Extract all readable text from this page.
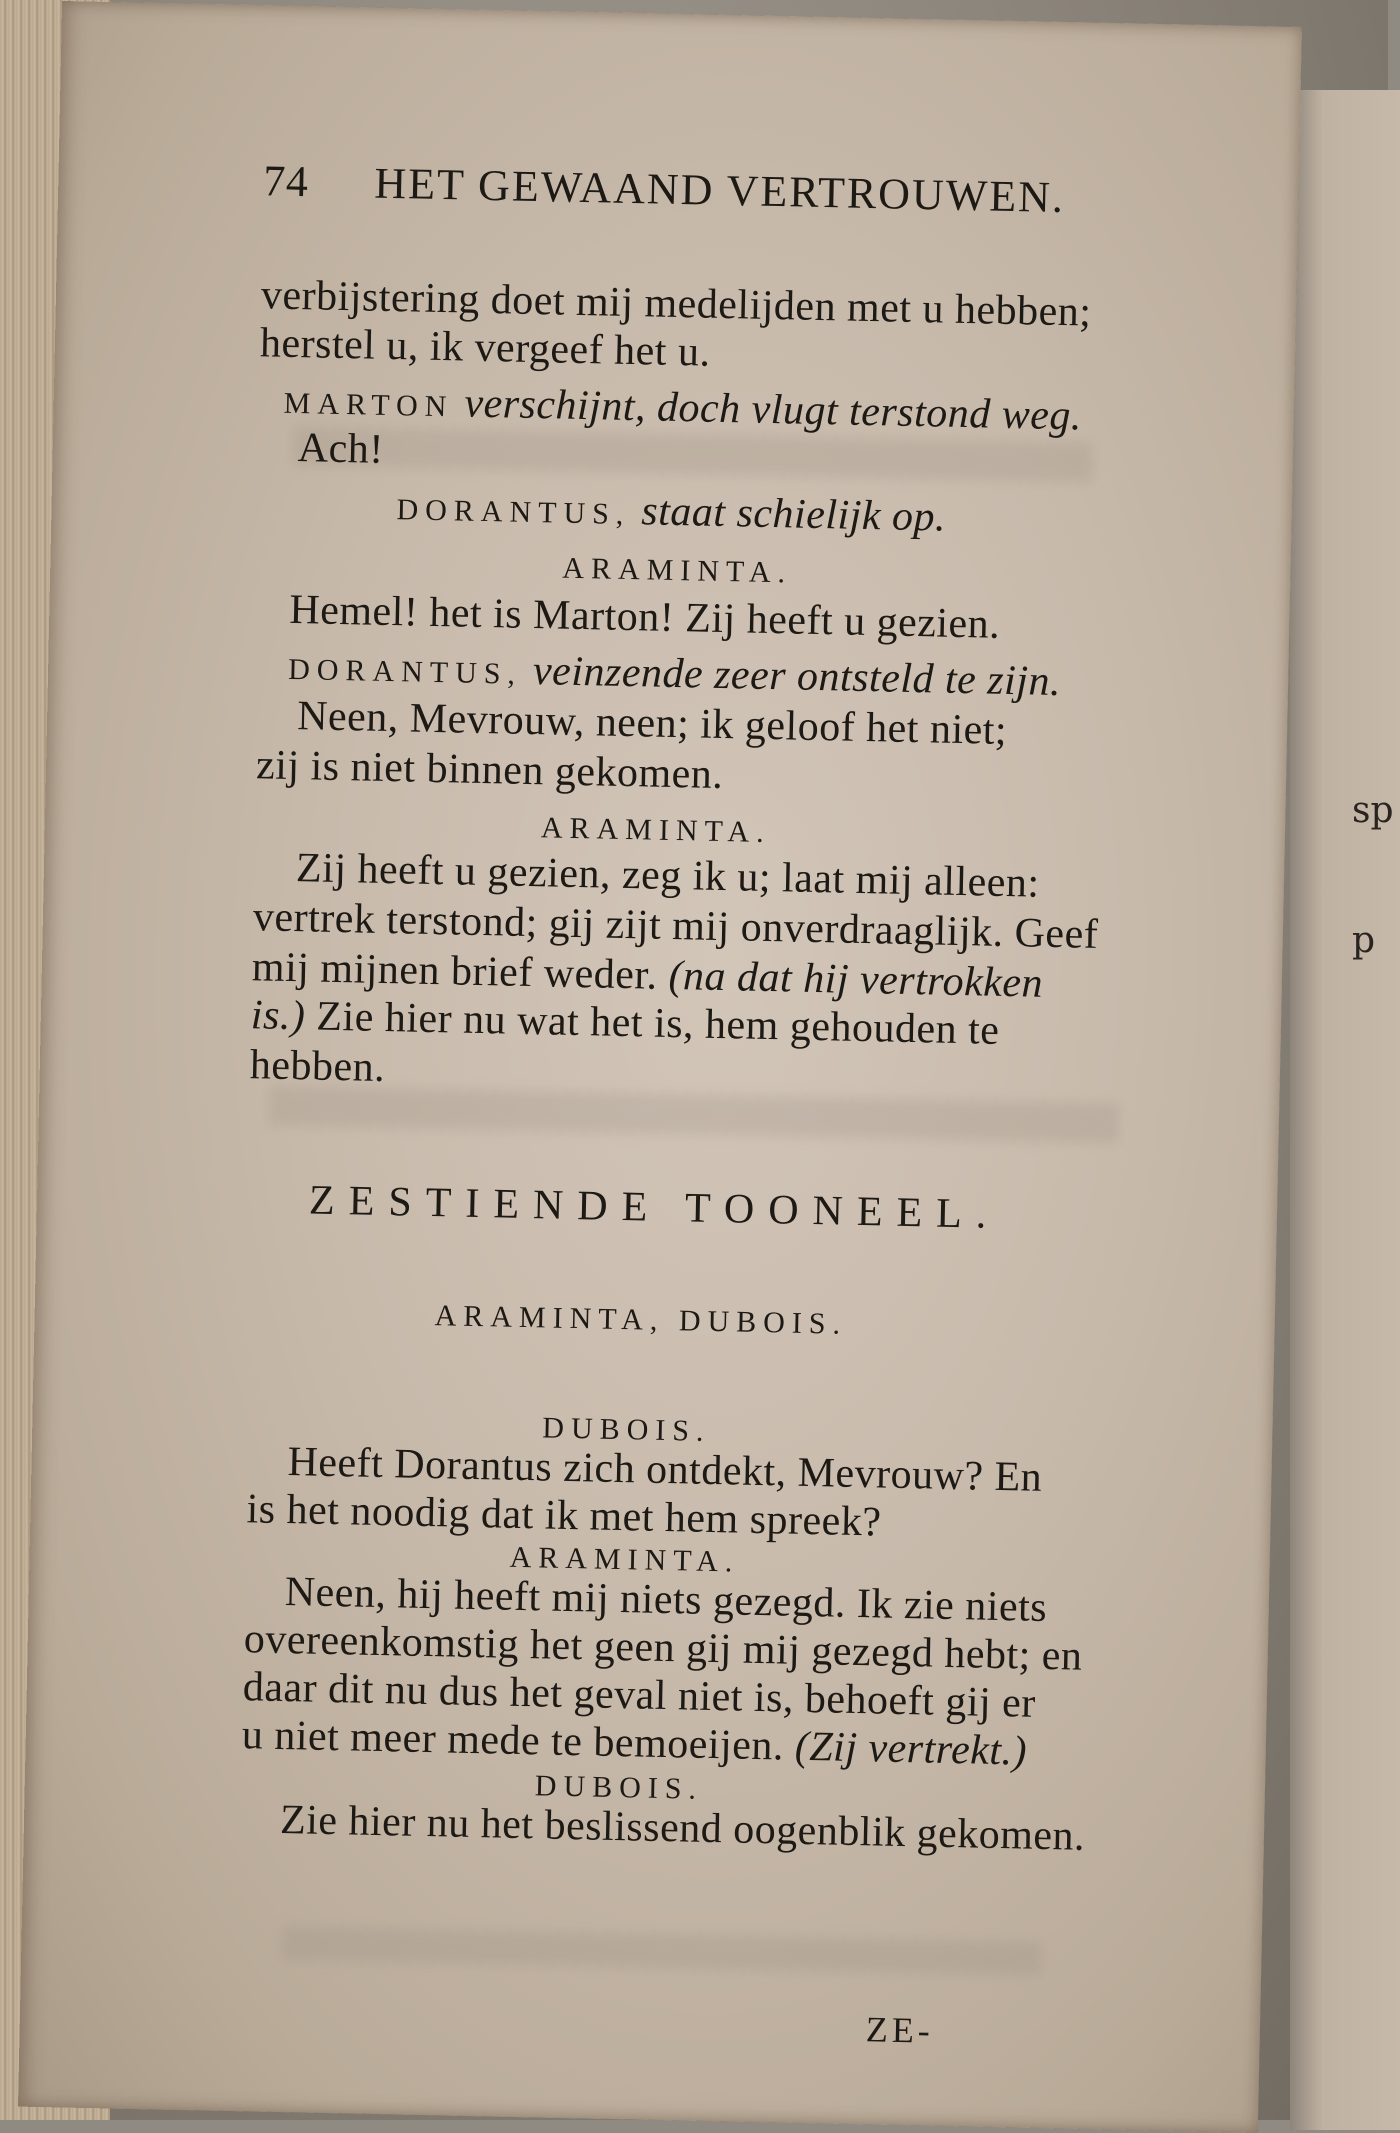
sp
p
74 HET GEWAAND VERTROUWEN.
verbijstering doet mij medelijden met u hebben;
herstel u, ik vergeef het u.
MARTON verschijnt, doch vlugt terstond weg.
Ach!
DORANTUS, staat schielijk op.
ARAMINTA.
Hemel! het is Marton! Zij heeft u gezien.
DORANTUS, veinzende zeer ontsteld te zijn.
Neen, Mevrouw, neen; ik geloof het niet;
zij is niet binnen gekomen.
ARAMINTA.
Zij heeft u gezien, zeg ik u; laat mij alleen:
vertrek terstond; gij zijt mij onverdraaglijk. Geef
mij mijnen brief weder. (na dat hij vertrokken
is.) Zie hier nu wat het is, hem gehouden te
hebben.
ZESTIENDE TOONEEL.
ARAMINTA, DUBOIS.
DUBOIS.
Heeft Dorantus zich ontdekt, Mevrouw? En
is het noodig dat ik met hem spreek?
ARAMINTA.
Neen, hij heeft mij niets gezegd. Ik zie niets
overeenkomstig het geen gij mij gezegd hebt; en
daar dit nu dus het geval niet is, behoeft gij er
u niet meer mede te bemoeijen. (Zij vertrekt.)
DUBOIS.
Zie hier nu het beslissend oogenblik gekomen.
ZE-
